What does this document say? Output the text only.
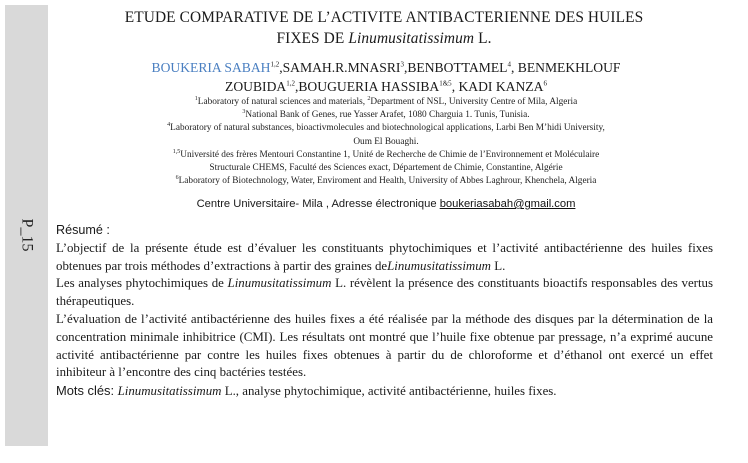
P_15
ETUDE COMPARATIVE DE L’ACTIVITE ANTIBACTERIENNE DES HUILES
FIXES DE Linumusitatissimum L.
BOUKERIA SABAH$^{1,2}$,SAMAH.R.MNASRI$^3$,BENBOTTAMEL$^4$, BENMEKHLOUF
ZOUBIDA$^{1,2}$,BOUGUERIA $HASSIBA^{1\&5}$, KADI KANZA$^6$
$^1$Laboratory of natural sciences and materials, $^2$Department of NSL, University Centre of Mila, Algeria
$^3$National Bank of Genes, rue Yasser Arafet, 1080 Charguia 1. Tunis, Tunisia.
$^4$Laboratory of natural substances, bioactivmolecules and biotechnological applications, Larbi Ben M’hidi University,
Oum El Bouaghi.
$^{1,5}$Université des frères Mentouri Constantine 1, Unité de Recherche de Chimie de l’Environnement et Moléculaire
Structurale CHEMS, Faculté des Sciences exact, Département de Chimie, Constantine, Algérie
$^6$Laboratory of Biotechnology, Water, Enviroment and Health, University of Abbes Laghrour, Khenchela, Algeria
Centre Universitaire- Mila , Adresse électronique boukeriasabah@gmail.com

Résumé :

L’objectif de la présente étude est d’évaluer les constituants phytochimiques et l’activité antibactérienne des huiles fixes obtenues par trois méthodes d’extractions à partir des graines deLinumusitatissimum L.

Les analyses phytochimiques de Linumusitatissimum L. révèlent la présence des constituants bioactifs responsables des vertus thérapeutiques.

L’évaluation de l’activité antibactérienne des huiles fixes a été réalisée par la méthode des disques par la détermination de la concentration minimale inhibitrice (CMI). Les résultats ont montré que l’huile fixe obtenue par pressage, n’a exprimé aucune activité antibactérienne par contre les huiles fixes obtenues à partir du de chloroforme et d’éthanol ont exercé un effet inhibiteur à l’encontre des cinq bactéries testées.

Mots clés: Linumusitatissimum L., analyse phytochimique, activité antibactérienne, huiles fixes.
